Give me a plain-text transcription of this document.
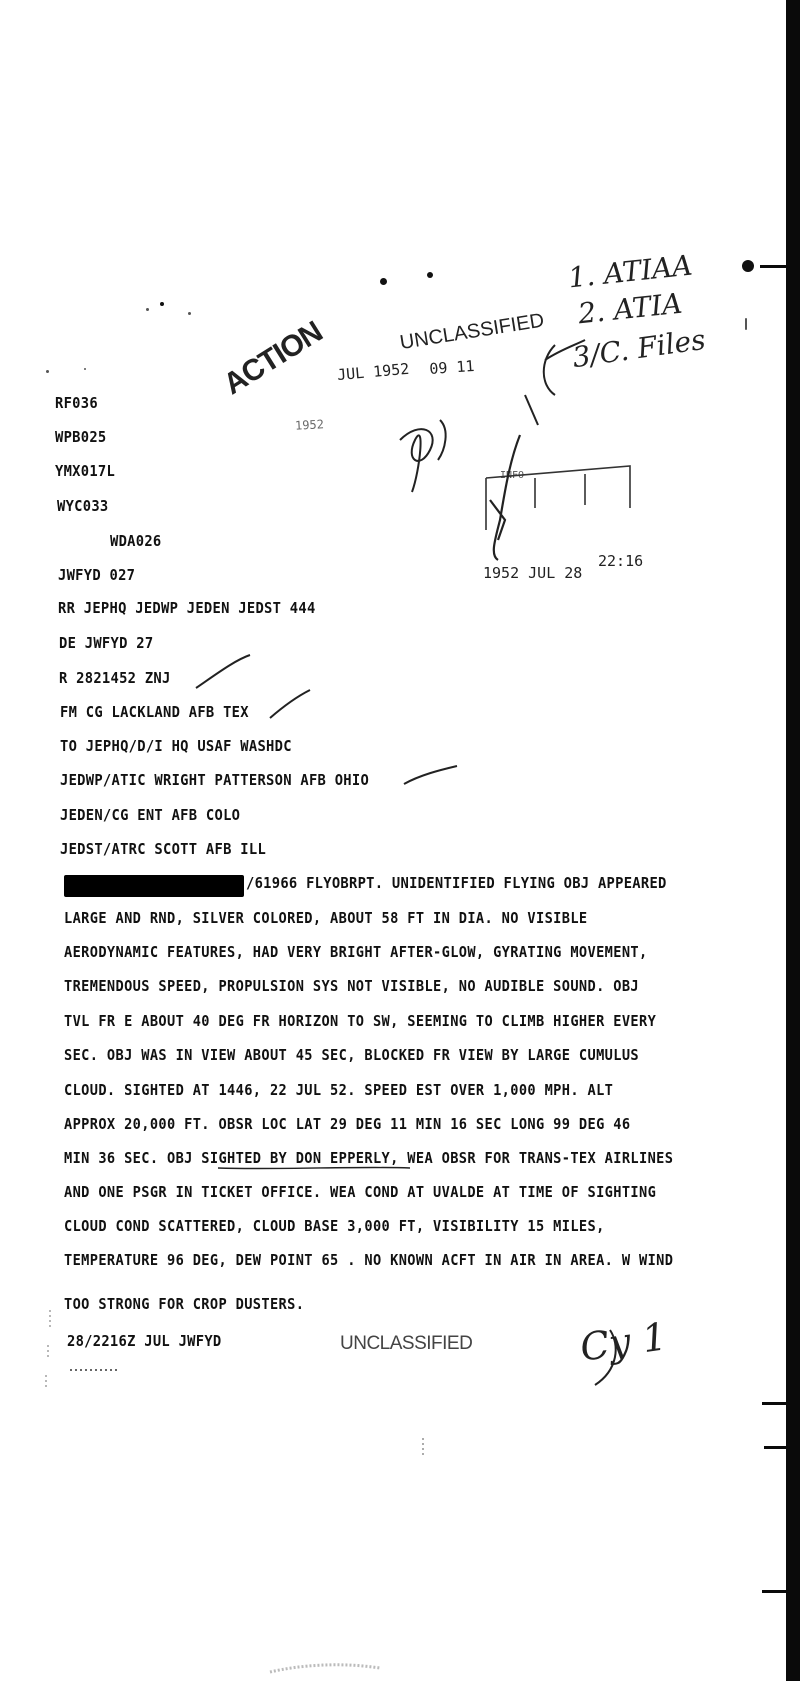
RF036
WPB025
YMX017L
WYC033
WDA026
JWFYD 027
RR JEPHQ JEDWP JEDEN JEDST 444
DE JWFYD 27
R 2821452 ZNJ
FM CG LACKLAND AFB TEX
TO JEPHQ/D/I HQ USAF WASHDC
JEDWP/ATIC WRIGHT PATTERSON AFB OHIO
JEDEN/CG ENT AFB COLO
JEDST/ATRC SCOTT AFB ILL
/61966 FLYOBRPT. UNIDENTIFIED FLYING OBJ APPEARED
LARGE AND RND, SILVER COLORED, ABOUT 58 FT IN DIA. NO VISIBLE
AERODYNAMIC FEATURES, HAD VERY BRIGHT AFTER-GLOW, GYRATING MOVEMENT,
TREMENDOUS SPEED, PROPULSION SYS NOT VISIBLE, NO AUDIBLE SOUND. OBJ
TVL FR E ABOUT 40 DEG FR HORIZON TO SW, SEEMING TO CLIMB HIGHER EVERY
SEC. OBJ WAS IN VIEW ABOUT 45 SEC, BLOCKED FR VIEW BY LARGE CUMULUS
CLOUD. SIGHTED AT 1446, 22 JUL 52. SPEED EST OVER 1,000 MPH. ALT
APPROX 20,000 FT. OBSR LOC LAT 29 DEG 11 MIN 16 SEC LONG 99 DEG 46
MIN 36 SEC. OBJ SIGHTED BY DON EPPERLY, WEA OBSR FOR TRANS-TEX AIRLINES
AND ONE PSGR IN TICKET OFFICE. WEA COND AT UVALDE AT TIME OF SIGHTING
CLOUD COND SCATTERED, CLOUD BASE 3,000 FT, VISIBILITY 15 MILES,
TEMPERATURE 96 DEG, DEW POINT 65 . NO KNOWN ACFT IN AIR IN AREA. W WIND
TOO STRONG FOR CROP DUSTERS.
28/2216Z JUL JWFYD
ACTION	UNCLASSIFIED
JUL 1952 09 11
1952
INFO
1952 JUL 28
22:16
UNCLASSIFIED
1. ATIAA
2. ATIA
3/C. Files
Cy 1
